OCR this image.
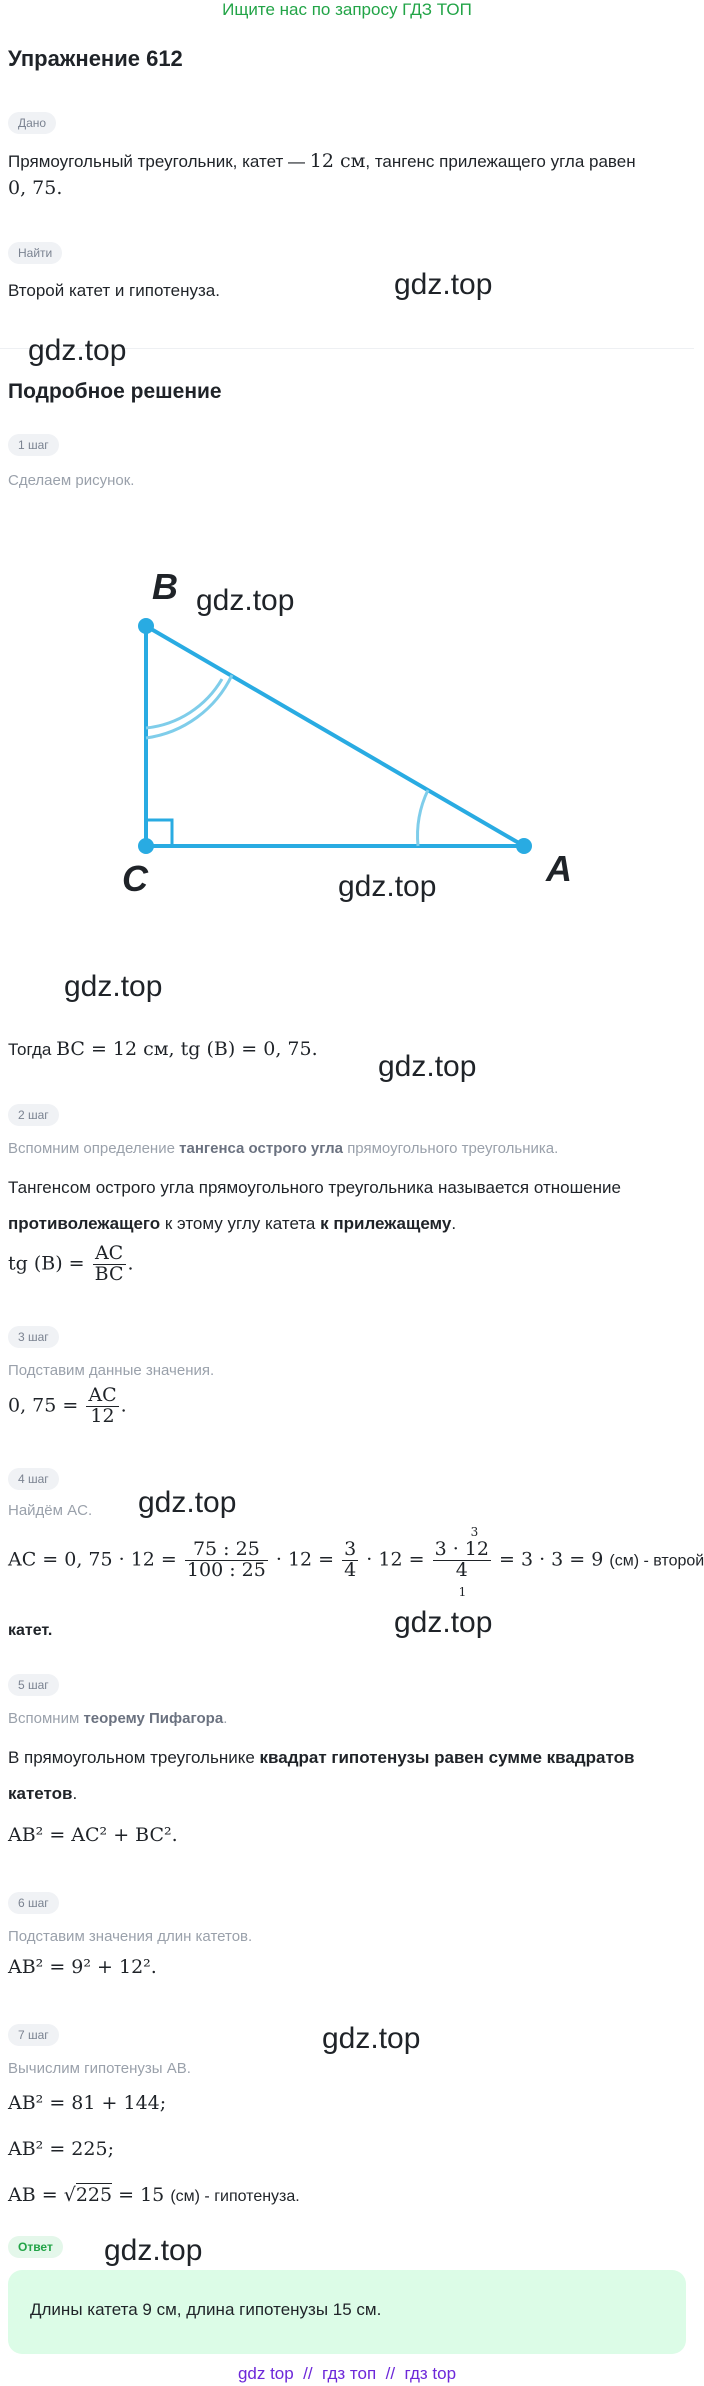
Ищите нас по запросу ГДЗ ТОП
Упражнение 612
Дано
Прямоугольный треугольник, катет — 12 см, тангенс прилежащего угла равен
0, 75.
Найти
Второй катет и гипотенуза.	gdz.top
gdz.top
Подробное решение
1 шаг
Сделаем рисунок.
B
C	A
gdz.top
gdz.top
gdz.top
Тогда BC = 12 см, tg (B) = 0, 75.
gdz.top
2 шаг
Вспомним определение тангенса острого угла прямоугольного треугольника.
Тангенсом острого угла прямоугольного треугольника называется отношение
противолежащего к этому углу катета к прилежащему.
tg $(B) = \frac{AC}{BC}$ .
3 шаг
Подставим данные значения.
0, $75 = \frac{AC}{12}$ .
4 шаг
Найдём AC. gdz.top
AC = 0, $75 \cdot 12 = \frac{75 : 25}{100 : 25} \cdot 12 = \frac{3}{4} \cdot 12 = 3 \cdot 12$
4
3
1
= 3 · 3 = 9 (см) - второй
катет.	gdz.top
5 шаг
Вспомним теорему Пифагора.
В прямоугольном треугольнике квадрат гипотенузы равен сумме квадратов катетов.
AB² = AC² + BC².
6 шаг
Подставим значения длин катетов.
AB² = 9² + 12².
7 шаг	gdz.top
Вычислим гипотенузы AB.
AB² = 81 + 144;
AB² = 225;
AB = √225 = 15 (см) - гипотенуза.
Ответ	gdz.top
Длины катета 9 см, длина гипотенузы 15 см.
gdz top  //  гдз топ  //  гдз top
